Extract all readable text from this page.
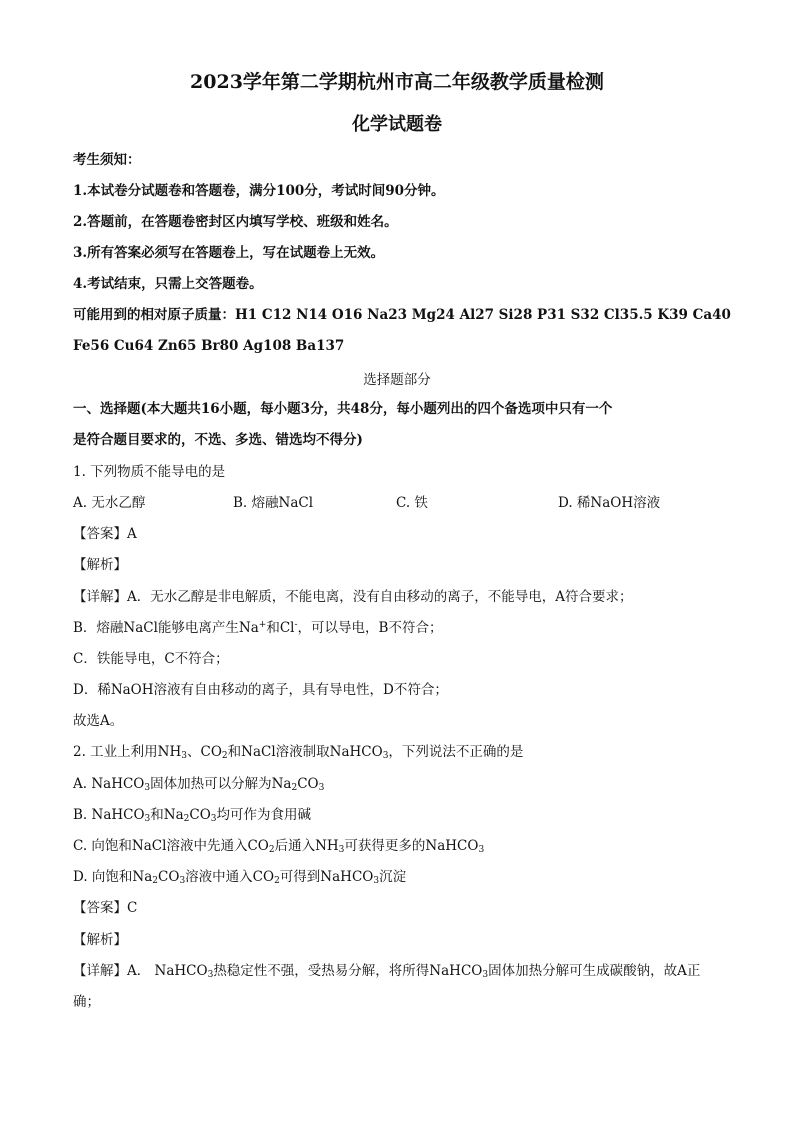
2023学年第二学期杭州市高二年级教学质量检测
化学试题卷
考生须知：
1.本试卷分试题卷和答题卷，满分100分，考试时间90分钟。
2.答题前，在答题卷密封区内填写学校、班级和姓名。
3.所有答案必须写在答题卷上，写在试题卷上无效。
4.考试结束，只需上交答题卷。
可能用到的相对原子质量：H1 C12 N14 O16 Na23 Mg24 Al27 Si28 P31 S32 Cl35.5 K39 Ca40
Fe56 Cu64 Zn65 Br80 Ag108 Ba137
选择题部分
一、选择题(本大题共16小题，每小题3分，共48分，每小题列出的四个备选项中只有一个
是符合题目要求的，不选、多选、错选均不得分)
1. 下列物质不能导电的是
A. 无水乙醇	B. 熔融NaCl	C. 铁	D. 稀NaOH溶液
【答案】A
【解析】
【详解】A．无水乙醇是非电解质，不能电离，没有自由移动的离子，不能导电，A符合要求；
B．熔融NaCl能够电离产生Na+和Cl-，可以导电，B不符合；
C．铁能导电，C不符合；
D．稀NaOH溶液有自由移动的离子，具有导电性，D不符合；
故选A。
2. 工业上利用$NH_3$、$CO_2$和NaCl溶液制取NaHCO$_3$，下列说法不正确的是
A. NaHCO$_3$固体加热可以分解为$Na_2CO_3$
B. NaHCO$_3$和$Na_2CO_3$均可作为食用碱
C. 向饱和NaCl溶液中先通入$CO_2$后通入$NH_3$可获得更多的NaHCO$_3$
D. 向饱和$Na_2CO_3$溶液中通入$CO_2$可得到NaHCO$_3$沉淀
【答案】C
【解析】
【详解】A． NaHCO$_3$热稳定性不强，受热易分解，将所得NaHCO$_3$固体加热分解可生成碳酸钠，故A正
确；
